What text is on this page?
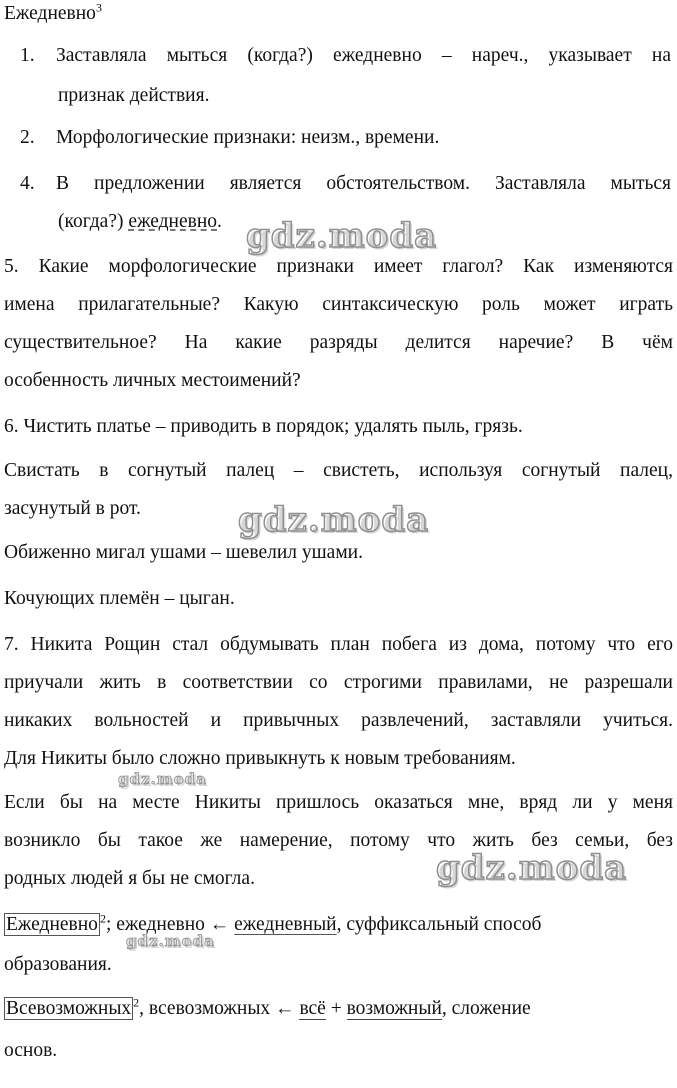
Ежедневно$^3$
1. Заставляла мыться (когда?) ежедневно – нареч., указывает на
признак действия.
2. Морфологические признаки: неизм., времени.
4. В предложении является обстоятельством. Заставляла мыться
(когда?) ежедневно. gdz.moda
5. Какие морфологические признаки имеет глагол? Как изменяются
имена прилагательные? Какую синтаксическую роль может играть
существительное? На какие разряды делится наречие? В чём
особенность личных местоимений?
6. Чистить платье – приводить в порядок; удалять пыль, грязь.
Свистать в согнутый палец – свистеть, используя согнутый палец,
засунутый в рот.	gdz.moda
Обиженно мигал ушами – шевелил ушами.
Кочующих племён – цыган.
7. Никита Рощин стал обдумывать план побега из дома, потому что его
приучали жить в соответствии со строгими правилами, не разрешали
никаких вольностей и привычных развлечений, заставляли учиться.
Для Никиты было сложно привыкнуть к новым требованиям.
gdz.moda
Если бы на месте Никиты пришлось оказаться мне, вряд ли у меня
возникло бы такое же намерение, потому что жить без семьи, без
родных людей я бы не смогла.	gdz.moda
Ежедневно $^2$; ежедневно ← ежедневный, суффиксальный способ
gdz.moda
образования.
Всевозможных $^2$, всевозможных ← всё + возможный, сложение
основ.
